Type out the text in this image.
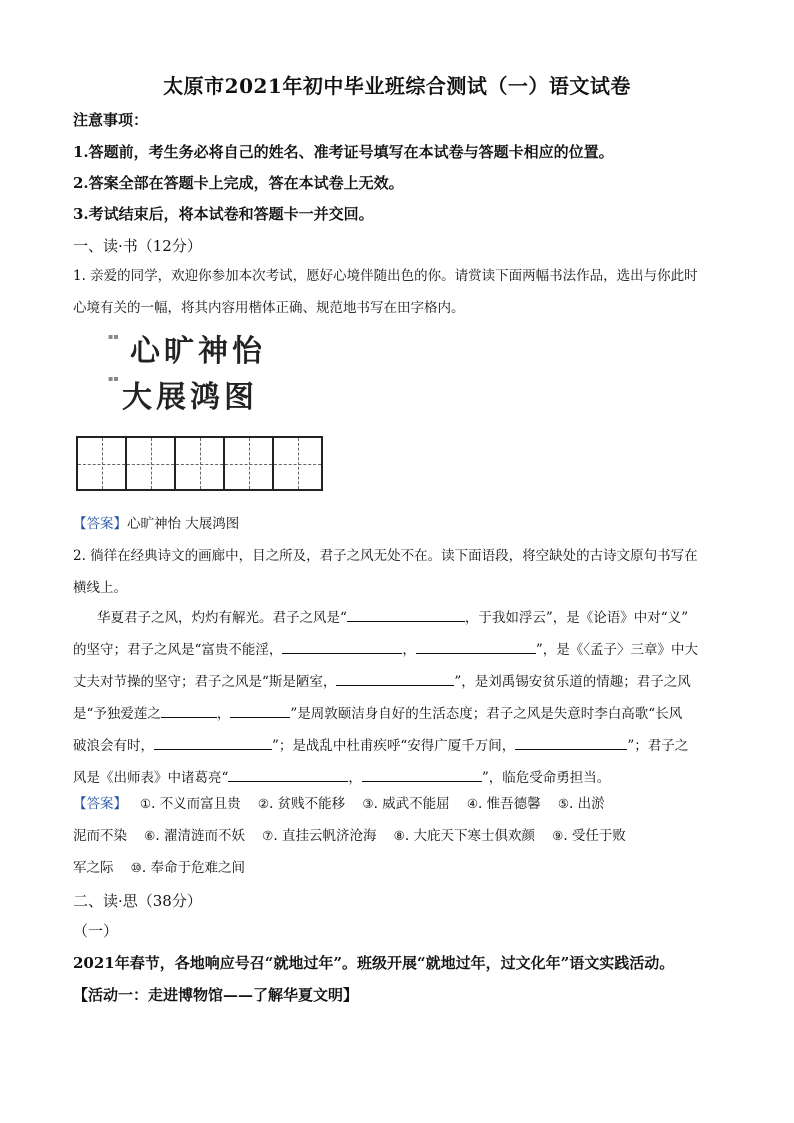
太原市2021年初中毕业班综合测试（一）语文试卷
注意事项：
1.答题前，考生务必将自己的姓名、准考证号填写在本试卷与答题卡相应的位置。
2.答案全部在答题卡上完成，答在本试卷上无效。
3.考试结束后，将本试卷和答题卡一并交回。
一、读·书（12分）
1. 亲爱的同学，欢迎你参加本次考试，愿好心境伴随出色的你。请赏读下面两幅书法作品，选出与你此时
心境有关的一幅，将其内容用楷体正确、规范地书写在田字格内。
▪▪ 心旷神怡
▪▪
大展鸿图
【答案】心旷神怡 大展鸿图
2. 徜徉在经典诗文的画廊中，目之所及，君子之风无处不在。读下面语段，将空缺处的古诗文原句书写在
横线上。
华夏君子之风，灼灼有解光。君子之风是“	，于我如浮云”，是《论语》中对“义”
的坚守；君子之风是“富贵不能淫，	，	”，是《〈孟子〉三章》中大
丈夫对节操的坚守；君子之风是“斯是陋室，	”，是刘禹锡安贫乐道的情趣；君子之风
是“予独爱莲之	，	”是周敦颐洁身自好的生活态度；君子之风是失意时李白高歌“长风
破浪会有时，	”；是战乱中杜甫疾呼“安得广厦千万间，	”；君子之
风是《出师表》中诸葛亮“	，	”，临危受命勇担当。
【答案】 ①. 不义而富且贵 ②. 贫贱不能移 ③. 威武不能屈 ④. 惟吾德馨 ⑤. 出淤
泥而不染 ⑥. 濯清涟而不妖 ⑦. 直挂云帆济沧海 ⑧. 大庇天下寒士俱欢颜 ⑨. 受任于败
军之际 ⑩. 奉命于危难之间
二、读·思（38分）
（一）
2021年春节，各地响应号召“就地过年”。班级开展“就地过年，过文化年”语文实践活动。
【活动一：走进博物馆——了解华夏文明】
